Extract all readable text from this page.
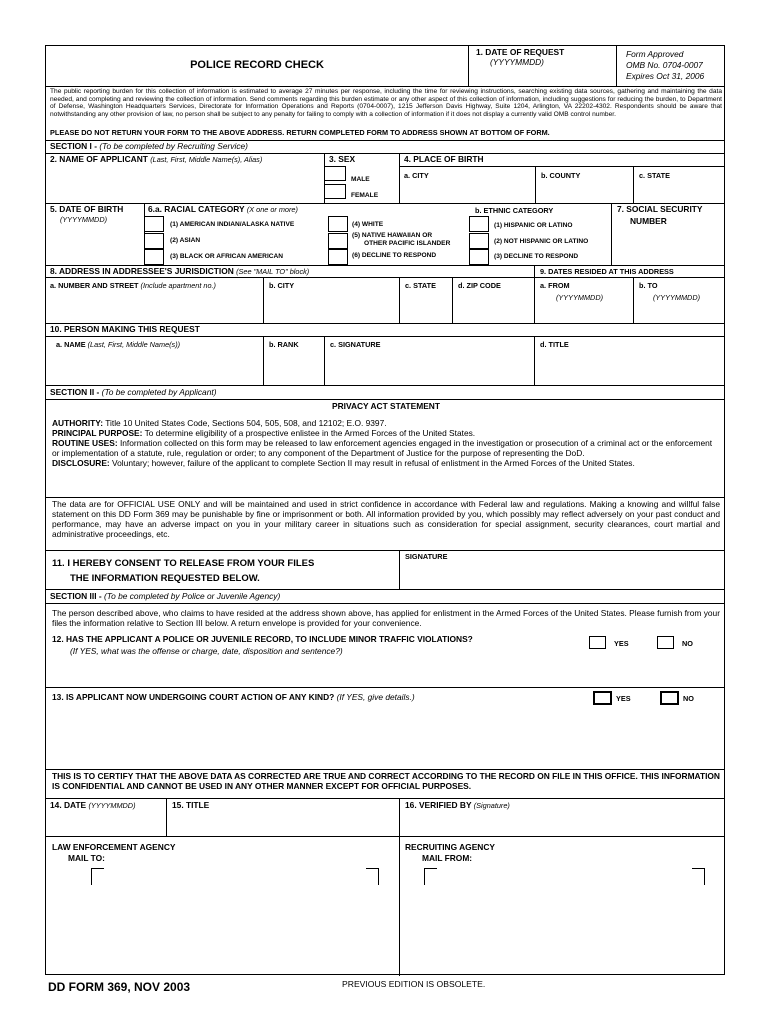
POLICE RECORD CHECK
1. DATE OF REQUEST
(YYYYMMDD)
Form Approved
OMB No. 0704-0007
Expires Oct 31, 2006
The public reporting burden for this collection of information is estimated to average 27 minutes per response, including the time for reviewing instructions, searching existing data sources, gathering and maintaining the data needed, and completing and reviewing the collection of information. Send comments regarding this burden estimate or any other aspect of this collection of information, including suggestions for reducing the burden, to Department of Defense, Washington Headquarters Services, Directorate for Information Operations and Reports (0704-0007), 1215 Jefferson Davis Highway, Suite 1204, Arlington, VA 22202-4302. Respondents should be aware that notwithstanding any other provision of law, no person shall be subject to any penalty for failing to comply with a collection of information if it does not display a currently valid OMB control number.
PLEASE DO NOT RETURN YOUR FORM TO THE ABOVE ADDRESS. RETURN COMPLETED FORM TO ADDRESS SHOWN AT BOTTOM OF FORM.
SECTION I - (To be completed by Recruiting Service)
2. NAME OF APPLICANT (Last, First, Middle Name(s), Alias)	3. SEX
MALE
FEMALE
4. PLACE OF BIRTH
a. CITY	b. COUNTY	c. STATE
5. DATE OF BIRTH
(YYYYMMDD)
6.a. RACIAL CATEGORY (X one or more)
(1) AMERICAN INDIAN/ALASKA NATIVE
(2) ASIAN
(3) BLACK OR AFRICAN AMERICAN
(4) WHITE
(5) NATIVE HAWAIIAN OR
OTHER PACIFIC ISLANDER
(6) DECLINE TO RESPOND
b. ETHNIC CATEGORY
(1) HISPANIC OR LATINO
(2) NOT HISPANIC OR LATINO
(3) DECLINE TO RESPOND
7. SOCIAL SECURITY
NUMBER
8. ADDRESS IN ADDRESSEE'S JURISDICTION (See "MAIL TO" block)	9. DATES RESIDED AT THIS ADDRESS
a. NUMBER AND STREET (Include apartment no.)	b. CITY	c. STATE	d. ZIP CODE	a. FROM
(YYYYMMDD)
b. TO
(YYYYMMDD)
10. PERSON MAKING THIS REQUEST
a. NAME (Last, First, Middle Name(s))	b. RANK	c. SIGNATURE	d. TITLE
SECTION II - (To be completed by Applicant)
PRIVACY ACT STATEMENT
AUTHORITY: Title 10 United States Code, Sections 504, 505, 508, and 12102; E.O. 9397.
PRINCIPAL PURPOSE: To determine eligibility of a prospective enlistee in the Armed Forces of the United States.
ROUTINE USES: Information collected on this form may be released to law enforcement agencies engaged in the investigation or prosecution of a criminal act or the enforcement or implementation of a statute, rule, regulation or order; to any component of the Department of Justice for the purpose of representing the DoD.
DISCLOSURE: Voluntary; however, failure of the applicant to complete Section II may result in refusal of enlistment in the Armed Forces of the United States.
The data are for OFFICIAL USE ONLY and will be maintained and used in strict confidence in accordance with Federal law and regulations. Making a knowing and willful false statement on this DD Form 369 may be punishable by fine or imprisonment or both. All information provided by you, which possibly may reflect adversely on your past conduct and performance, may have an adverse impact on you in your military career in situations such as consideration for special assignment, security clearances, court martial and administrative proceedings, etc.
11. I HEREBY CONSENT TO RELEASE FROM YOUR FILES
THE INFORMATION REQUESTED BELOW.
SIGNATURE
SECTION III - (To be completed by Police or Juvenile Agency)
The person described above, who claims to have resided at the address shown above, has applied for enlistment in the Armed Forces of the United States. Please furnish from your files the information relative to Section III below. A return envelope is provided for your convenience.
12. HAS THE APPLICANT A POLICE OR JUVENILE RECORD, TO INCLUDE MINOR TRAFFIC VIOLATIONS?
(If YES, what was the offense or charge, date, disposition and sentence?)
YES	NO
13. IS APPLICANT NOW UNDERGOING COURT ACTION OF ANY KIND? (If YES, give details.)	YES	NO
THIS IS TO CERTIFY THAT THE ABOVE DATA AS CORRECTED ARE TRUE AND CORRECT ACCORDING TO THE RECORD ON FILE IN THIS OFFICE. THIS INFORMATION IS CONFIDENTIAL AND CANNOT BE USED IN ANY OTHER MANNER EXCEPT FOR OFFICIAL PURPOSES.
14. DATE (YYYYMMDD)	15. TITLE	16. VERIFIED BY (Signature)
LAW ENFORCEMENT AGENCY
MAIL TO:
RECRUITING AGENCY
MAIL FROM:
DD FORM 369, NOV 2003	PREVIOUS EDITION IS OBSOLETE.
